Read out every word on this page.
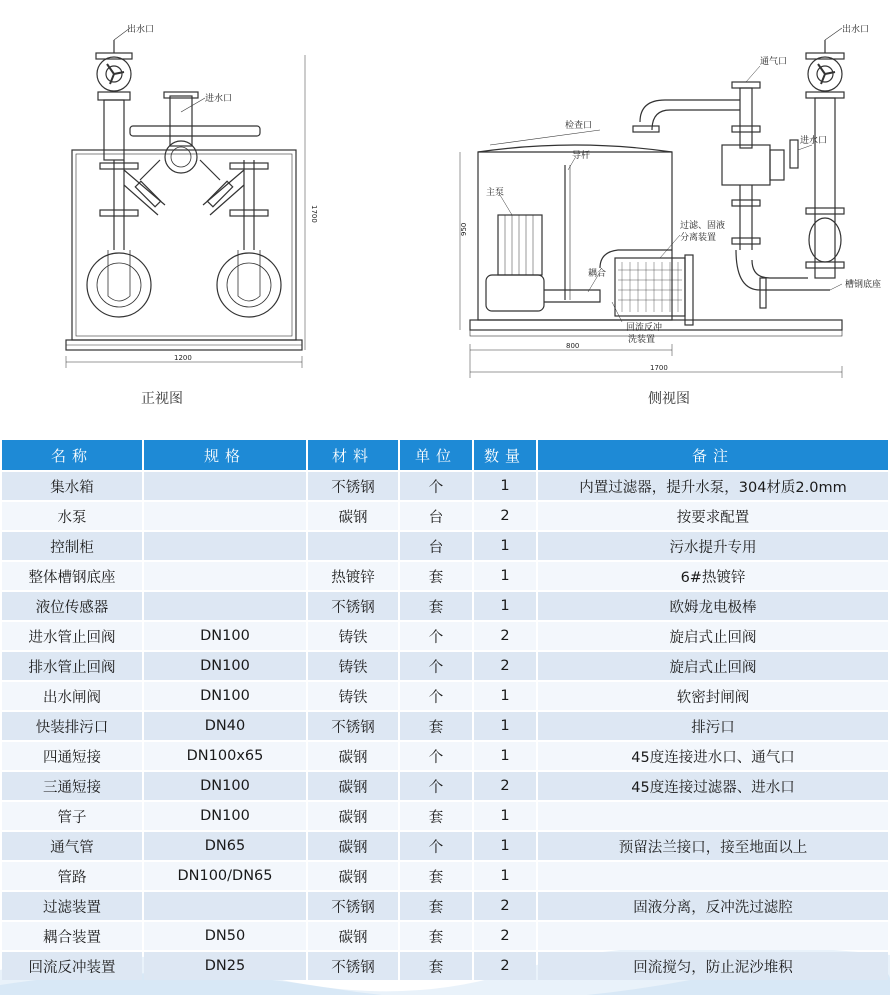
出水口
进水口
1700
1200
出水口
通气口
进水口
检查口
导杆
主泵
耦合
过滤、固液
分离装置
回流反冲
洗装置
槽钢底座
950
800
1700
正视图	侧视图
名称	规格	材料	单位	数量	备注
集水箱		不锈钢	个	1	内置过滤器，提升水泵，304材质2.0mm
水泵		碳钢	台	2	按要求配置
控制柜			台	1	污水提升专用
整体槽钢底座		热镀锌	套	1	6#热镀锌
液位传感器		不锈钢	套	1	欧姆龙电极棒
进水管止回阀	DN100	铸铁	个	2	旋启式止回阀
排水管止回阀	DN100	铸铁	个	2	旋启式止回阀
出水闸阀	DN100	铸铁	个	1	软密封闸阀
快装排污口	DN40	不锈钢	套	1	排污口
四通短接	DN100x65	碳钢	个	1	45度连接进水口、通气口
三通短接	DN100	碳钢	个	2	45度连接过滤器、进水口
管子	DN100	碳钢	套	1	
通气管	DN65	碳钢	个	1	预留法兰接口，接至地面以上
管路	DN100/DN65	碳钢	套	1	
过滤装置		不锈钢	套	2	固液分离，反冲洗过滤腔
耦合装置	DN50	碳钢	套	2	
回流反冲装置	DN25	不锈钢	套	2	回流搅匀，防止泥沙堆积
